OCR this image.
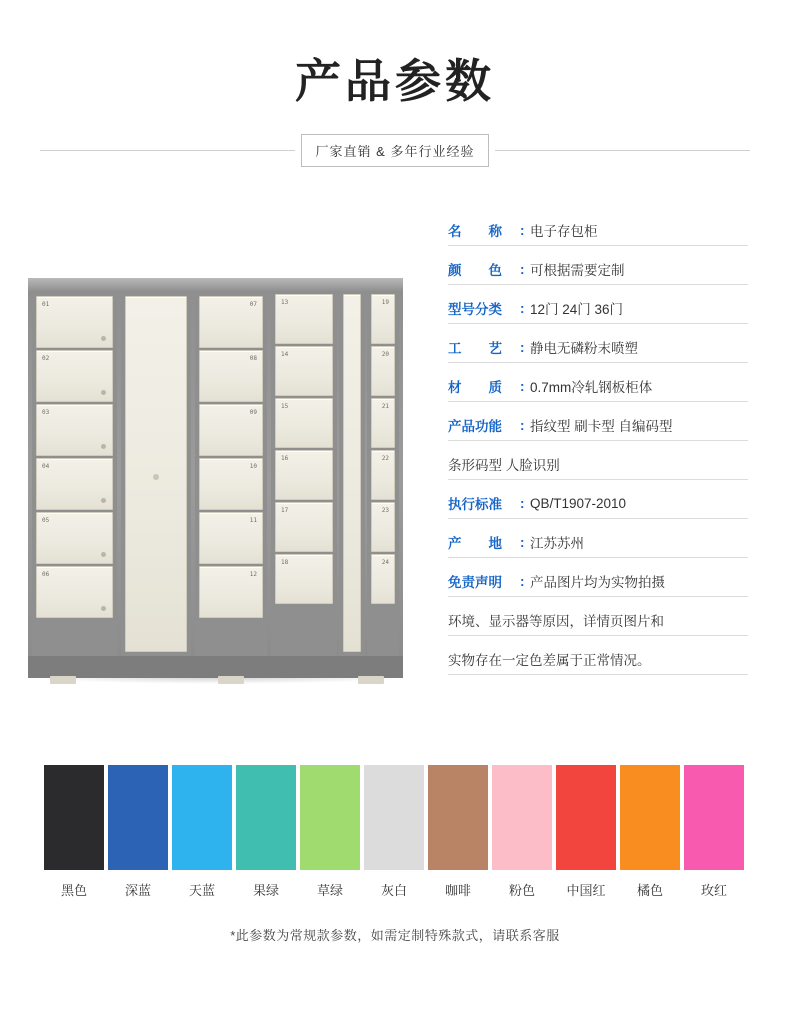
产品参数
厂家直销 & 多年行业经验
01
02
03
04
05
06
07
08
09
10
11
12
13
14
15
16
17
18
19
20
21
22
23
24
名　　称	: 电子存包柜
颜　　色	: 可根据需要定制
型号分类	: 12门 24门 36门
工　　艺	: 静电无磷粉末喷塑
材　　质	: 0.7mm冷轧钢板柜体
产品功能	: 指纹型 刷卡型 自编码型
条形码型 人脸识别
执行标准	: QB/T1907-2010
产　　地	: 江苏苏州
免责声明	: 产品图片均为实物拍摄
环境、显示器等原因，详情页图片和
实物存在一定色差属于正常情况。
黑色	深蓝	天蓝	果绿	草绿	灰白	咖啡	粉色	中国红	橘色	玫红
*此参数为常规款参数，如需定制特殊款式，请联系客服
